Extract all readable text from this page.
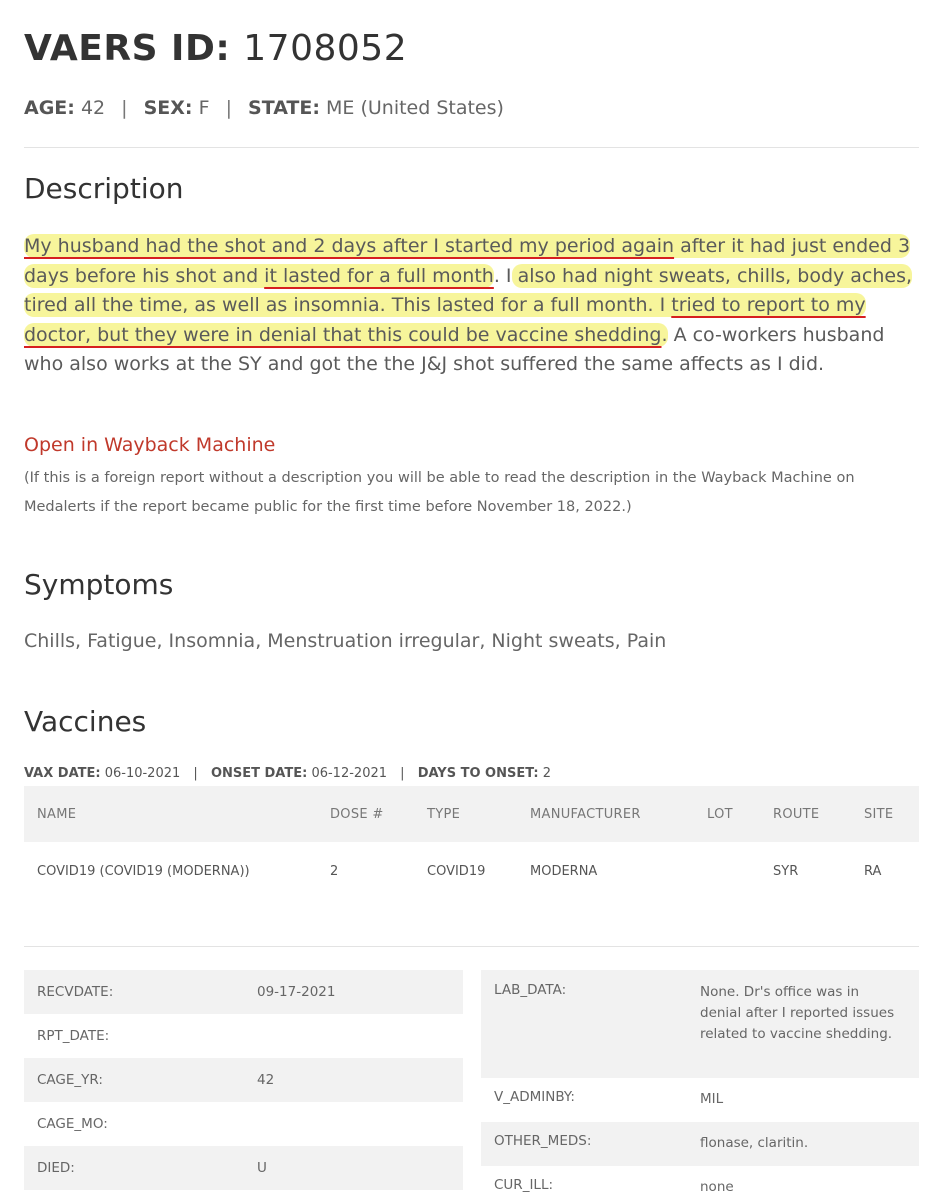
VAERS ID: 1708052
AGE: 42 | SEX: F | STATE: ME (United States)
Description

My husband had the shot and 2 days after I started my period again after it had just ended 3 days before his shot and it lasted for a full month. I also had night sweats, chills, body aches, tired all the time, as well as insomnia. This lasted for a full month. I tried to report to my doctor, but they were in denial that this could be vaccine shedding. A co-workers husband who also works at the SY and got the the J&J shot suffered the same affects as I did.

Open in Wayback Machine

(If this is a foreign report without a description you will be able to read the description in the Wayback Machine on Medalerts if the report became public for the first time before November 18, 2022.)

Symptoms
Chills, Fatigue, Insomnia, Menstruation irregular, Night sweats, Pain
Vaccines
VAX DATE: 06-10-2021 | ONSET DATE: 06-12-2021 | DAYS TO ONSET: 2
NAME	DOSE #	TYPE	MANUFACTURER	LOT	ROUTE	SITE
COVID19 (COVID19 (MODERNA))	2	COVID19	MODERNA		SYR	RA
RECVDATE:	09-17-2021
RPT_DATE:
CAGE_YR:	42
CAGE_MO:
DIED:	U
LAB_DATA:	None. Dr's office was in denial after I reported issues related to vaccine shedding.
V_ADMINBY:	MIL
OTHER_MEDS:	flonase, claritin.
CUR_ILL:	none
